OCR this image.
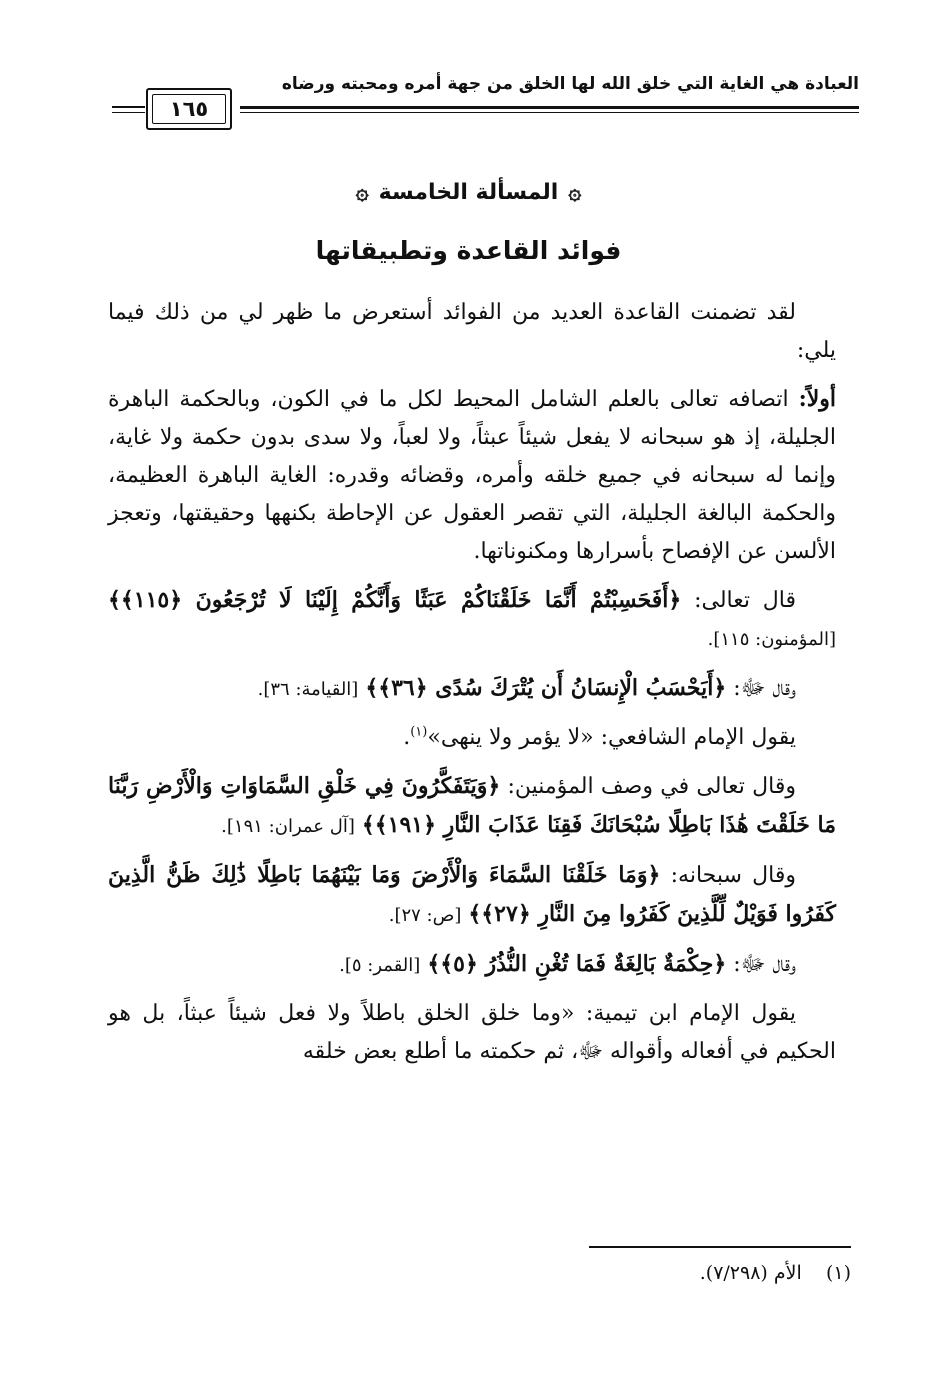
العبادة هي الغاية التي خلق الله لها الخلق من جهة أمره ومحبته ورضاه
١٦٥
۞المسألة الخامسة۞
فوائد القاعدة وتطبيقاتها

لقد تضمنت القاعدة العديد من الفوائد أستعرض ما ظهر لي من ذلك فيما يلي:

أولاً: اتصافه تعالى بالعلم الشامل المحيط لكل ما في الكون، وبالحكمة الباهرة الجليلة، إذ هو سبحانه لا يفعل شيئاً عبثاً، ولا لعباً، ولا سدى بدون حكمة ولا غاية، وإنما له سبحانه في جميع خلقه وأمره، وقضائه وقدره: الغاية الباهرة العظيمة، والحكمة البالغة الجليلة، التي تقصر العقول عن الإحاطة بكنهها وحقيقتها، وتعجز الألسن عن الإفصاح بأسرارها ومكنوناتها.

قال تعالى: ﴿أَفَحَسِبْتُمْ أَنَّمَا خَلَقْنَاكُمْ عَبَثًا وَأَنَّكُمْ إِلَيْنَا لَا تُرْجَعُونَ ﴿١١٥﴾﴾ [المؤمنون: ١١٥].

وقال ﷻ: ﴿أَيَحْسَبُ الْإِنسَانُ أَن يُتْرَكَ سُدًى ﴿٣٦﴾﴾ [القيامة: ٣٦].

يقول الإمام الشافعي: «لا يؤمر ولا ينهى»$^{(١)}$.

وقال تعالى في وصف المؤمنين: ﴿وَيَتَفَكَّرُونَ فِي خَلْقِ السَّمَاوَاتِ وَالْأَرْضِ رَبَّنَا مَا خَلَقْتَ هَٰذَا بَاطِلًا سُبْحَانَكَ فَقِنَا عَذَابَ النَّارِ ﴿١٩١﴾﴾ [آل عمران: ١٩١].

وقال سبحانه: ﴿وَمَا خَلَقْنَا السَّمَاءَ وَالْأَرْضَ وَمَا بَيْنَهُمَا بَاطِلًا ذَٰلِكَ ظَنُّ الَّذِينَ كَفَرُوا فَوَيْلٌ لِّلَّذِينَ كَفَرُوا مِنَ النَّارِ ﴿٢٧﴾﴾ [ص: ٢٧].

وقال ﷻ: ﴿حِكْمَةٌ بَالِغَةٌ فَمَا تُغْنِ النُّذُرُ ﴿٥﴾﴾ [القمر: ٥].

يقول الإمام ابن تيمية: «وما خلق الخلق باطلاً ولا فعل شيئاً عبثاً، بل هو الحكيم في أفعاله وأقواله ﷻ، ثم حكمته ما أطلع بعض خلقه

(١)    الأم (٧/٢٩٨).
